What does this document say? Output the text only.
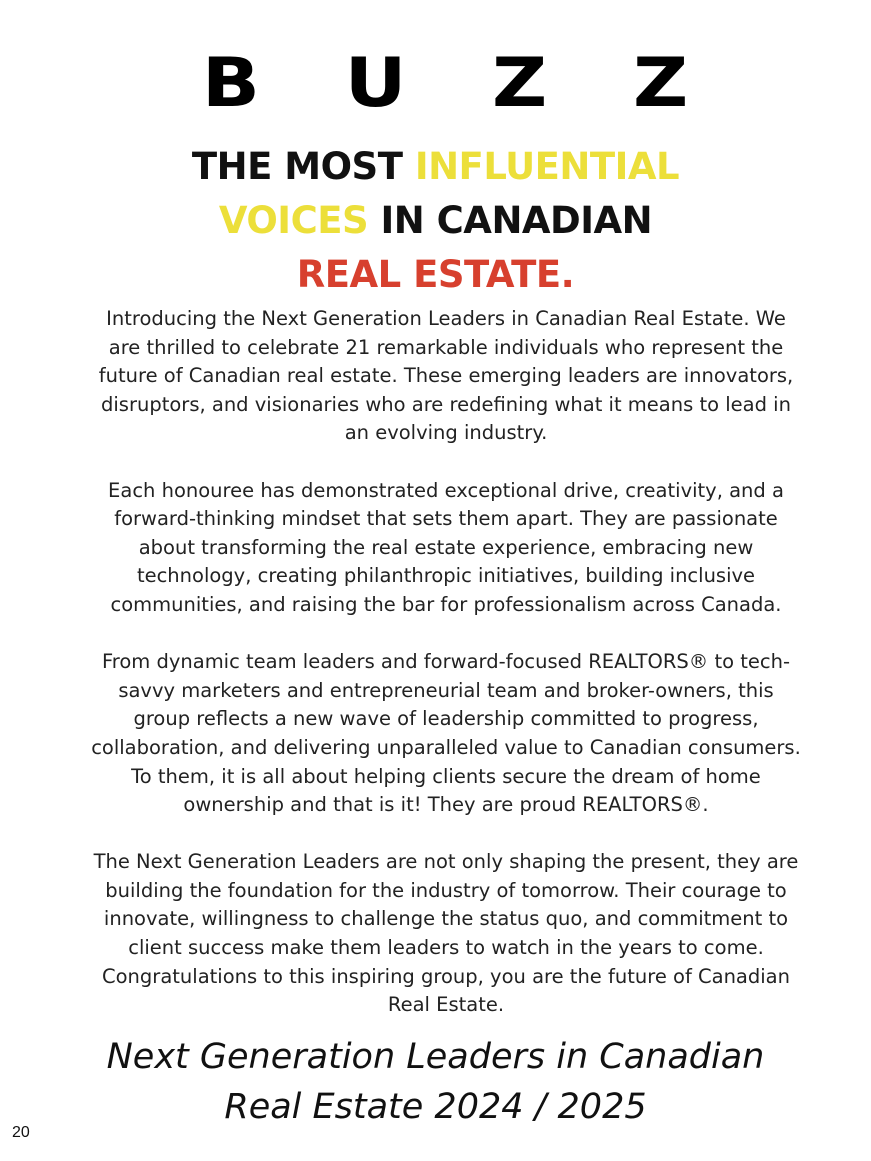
B U Z Z
THE MOST INFLUENTIAL
VOICES IN CANADIAN
REAL ESTATE.

Introducing the Next Generation Leaders in Canadian Real Estate. We are thrilled to celebrate 21 remarkable individuals who represent the future of Canadian real estate. These emerging leaders are innovators, disruptors, and visionaries who are redefining what it means to lead in an evolving industry.

Each honouree has demonstrated exceptional drive, creativity, and a forward-thinking mindset that sets them apart. They are passionate about transforming the real estate experience, embracing new technology, creating philanthropic initiatives, building inclusive communities, and raising the bar for professionalism across Canada.

From dynamic team leaders and forward-focused REALTORS® to tech-savvy marketers and entrepreneurial team and broker-owners, this group reflects a new wave of leadership committed to progress, collaboration, and delivering unparalleled value to Canadian consumers. To them, it is all about helping clients secure the dream of home ownership and that is it! They are proud REALTORS®.

The Next Generation Leaders are not only shaping the present, they are building the foundation for the industry of tomorrow. Their courage to innovate, willingness to challenge the status quo, and commitment to client success make them leaders to watch in the years to come. Congratulations to this inspiring group, you are the future of Canadian Real Estate.

Next Generation Leaders in Canadian
Real Estate 2024 / 2025
20
